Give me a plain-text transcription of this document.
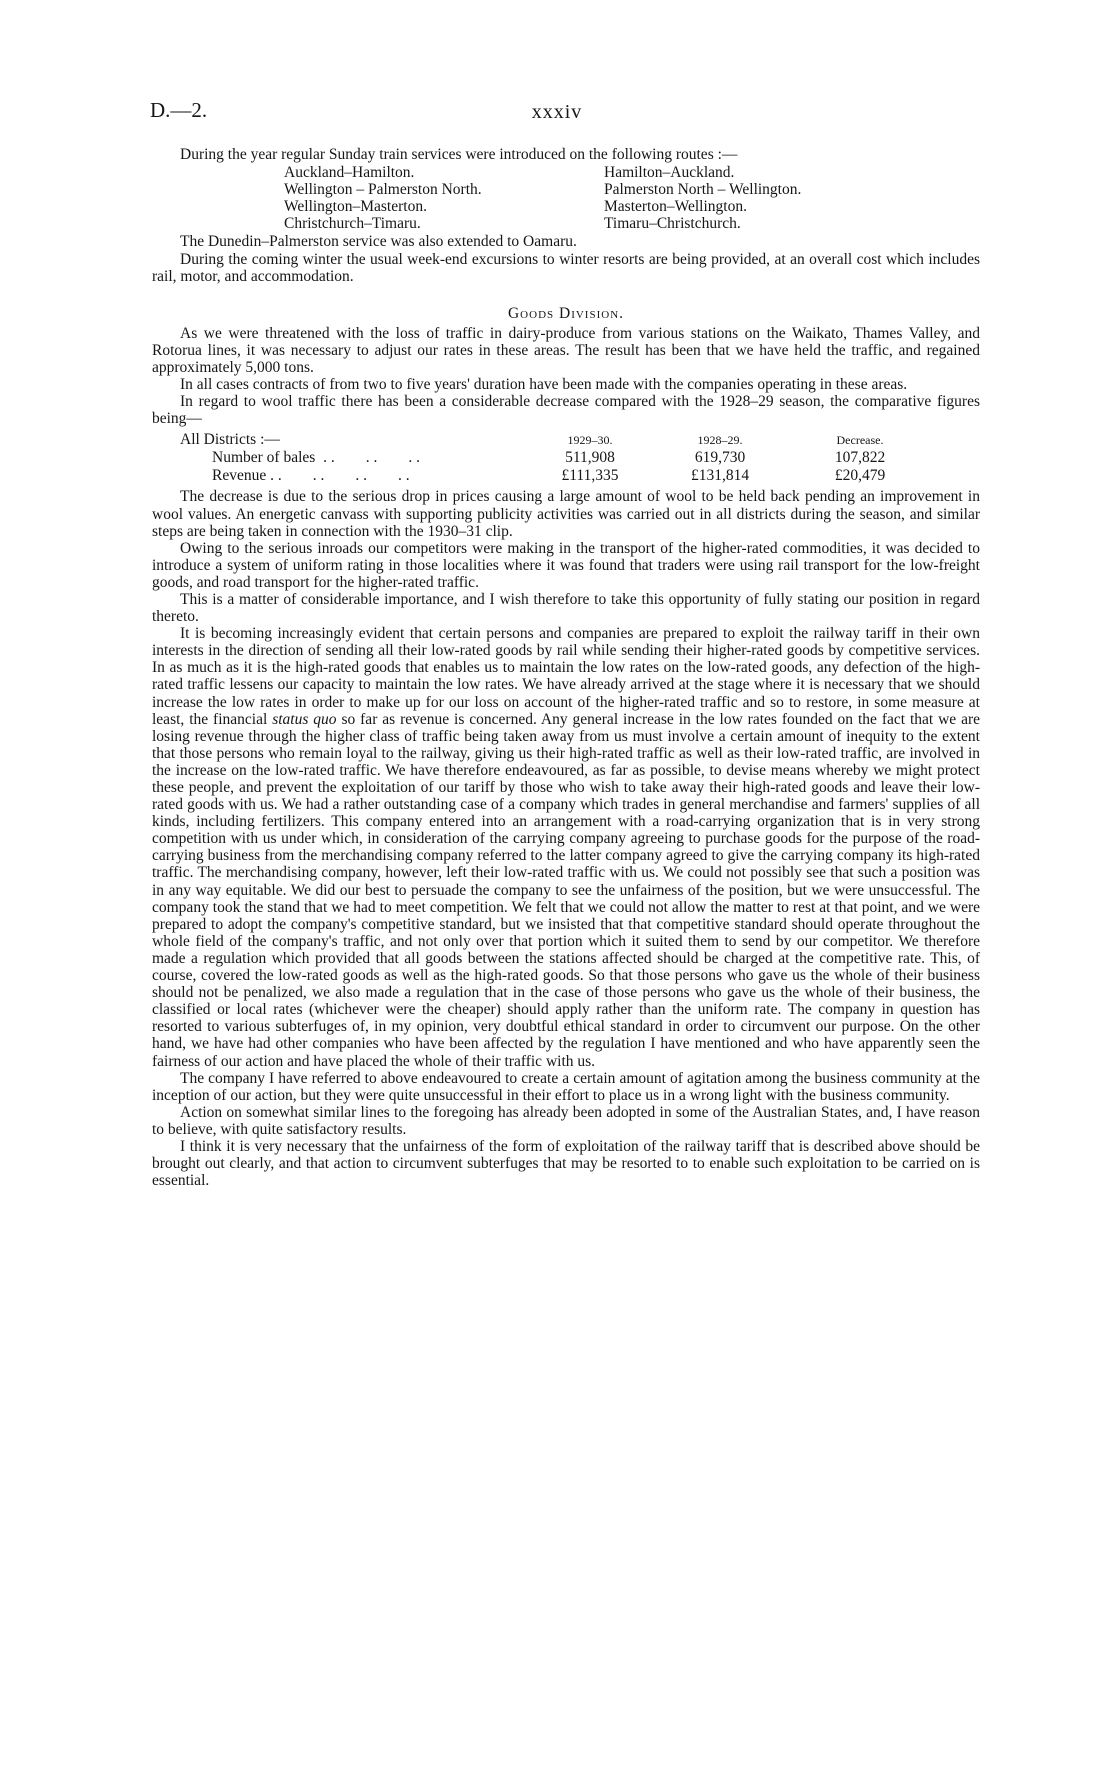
D.—2.	xxxiv

During the year regular Sunday train services were introduced on the following routes :—

Auckland–Hamilton.	Hamilton–Auckland.
Wellington – Palmerston North.	Palmerston North – Wellington.
Wellington–Masterton.	Masterton–Wellington.
Christchurch–Timaru.	Timaru–Christchurch.

The Dunedin–Palmerston service was also extended to Oamaru.

During the coming winter the usual week-end excursions to winter resorts are being provided, at an overall cost which includes rail, motor, and accommodation.

Goods Division.

As we were threatened with the loss of traffic in dairy-produce from various stations on the Waikato, Thames Valley, and Rotorua lines, it was necessary to adjust our rates in these areas. The result has been that we have held the traffic, and regained approximately 5,000 tons.

In all cases contracts of from two to five years' duration have been made with the companies operating in these areas.

In regard to wool traffic there has been a considerable decrease compared with the 1928–29 season, the comparative figures being—

All Districts :—	1929–30.	1928–29.	Decrease.
Number of bales  . .        . .        . .	511,908	619,730	107,822
Revenue . .        . .        . .        . .	£111,335	£131,814	£20,479

The decrease is due to the serious drop in prices causing a large amount of wool to be held back pending an improvement in wool values. An energetic canvass with supporting publicity activities was carried out in all districts during the season, and similar steps are being taken in connection with the 1930–31 clip.

Owing to the serious inroads our competitors were making in the transport of the higher-rated commodities, it was decided to introduce a system of uniform rating in those localities where it was found that traders were using rail transport for the low-freight goods, and road transport for the higher-rated traffic.

This is a matter of considerable importance, and I wish therefore to take this opportunity of fully stating our position in regard thereto.

It is becoming increasingly evident that certain persons and companies are prepared to exploit the railway tariff in their own interests in the direction of sending all their low-rated goods by rail while sending their higher-rated goods by competitive services. In as much as it is the high-rated goods that enables us to maintain the low rates on the low-rated goods, any defection of the high-rated traffic lessens our capacity to maintain the low rates. We have already arrived at the stage where it is necessary that we should increase the low rates in order to make up for our loss on account of the higher-rated traffic and so to restore, in some measure at least, the financial status quo so far as revenue is concerned. Any general increase in the low rates founded on the fact that we are losing revenue through the higher class of traffic being taken away from us must involve a certain amount of inequity to the extent that those persons who remain loyal to the railway, giving us their high-rated traffic as well as their low-rated traffic, are involved in the increase on the low-rated traffic. We have therefore endeavoured, as far as possible, to devise means whereby we might protect these people, and prevent the exploitation of our tariff by those who wish to take away their high-rated goods and leave their low-rated goods with us. We had a rather outstanding case of a company which trades in general merchandise and farmers' supplies of all kinds, including fertilizers. This company entered into an arrangement with a road-carrying organization that is in very strong competition with us under which, in consideration of the carrying company agreeing to purchase goods for the purpose of the road-carrying business from the merchandising company referred to the latter company agreed to give the carrying company its high-rated traffic. The merchandising company, however, left their low-rated traffic with us. We could not possibly see that such a position was in any way equitable. We did our best to persuade the company to see the unfairness of the position, but we were unsuccessful. The company took the stand that we had to meet competition. We felt that we could not allow the matter to rest at that point, and we were prepared to adopt the company's competitive standard, but we insisted that that competitive standard should operate throughout the whole field of the company's traffic, and not only over that portion which it suited them to send by our competitor. We therefore made a regulation which provided that all goods between the stations affected should be charged at the competitive rate. This, of course, covered the low-rated goods as well as the high-rated goods. So that those persons who gave us the whole of their business should not be penalized, we also made a regulation that in the case of those persons who gave us the whole of their business, the classified or local rates (whichever were the cheaper) should apply rather than the uniform rate. The company in question has resorted to various subterfuges of, in my opinion, very doubtful ethical standard in order to circumvent our purpose. On the other hand, we have had other companies who have been affected by the regulation I have mentioned and who have apparently seen the fairness of our action and have placed the whole of their traffic with us.

The company I have referred to above endeavoured to create a certain amount of agitation among the business community at the inception of our action, but they were quite unsuccessful in their effort to place us in a wrong light with the business community.

Action on somewhat similar lines to the foregoing has already been adopted in some of the Australian States, and, I have reason to believe, with quite satisfactory results.

I think it is very necessary that the unfairness of the form of exploitation of the railway tariff that is described above should be brought out clearly, and that action to circumvent subterfuges that may be resorted to to enable such exploitation to be carried on is essential.
